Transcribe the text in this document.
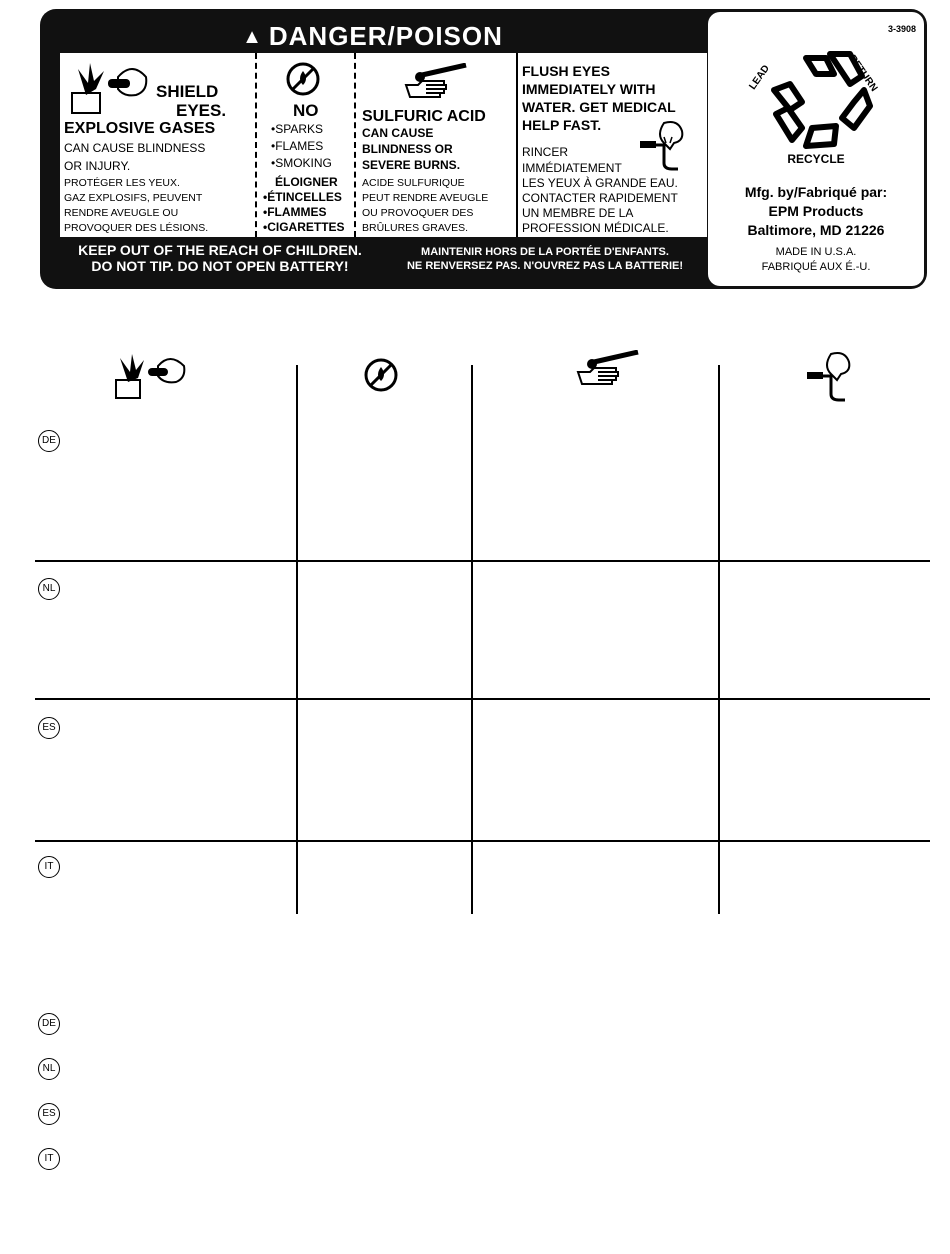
▲ DANGER/POISON
SHIELD
EYES.
EXPLOSIVE GASES
CAN CAUSE BLINDNESS
OR INJURY.
PROTÉGER LES YEUX.
GAZ EXPLOSIFS, PEUVENT
RENDRE AVEUGLE OU
PROVOQUER DES LÉSIONS.
NO
•SPARKS
•FLAMES
•SMOKING
ÉLOIGNER
•ÉTINCELLES
•FLAMMES
•CIGARETTES
SULFURIC ACID
CAN CAUSE
BLINDNESS OR
SEVERE BURNS.
ACIDE SULFURIQUE
PEUT RENDRE AVEUGLE
OU PROVOQUER DES
BRÛLURES GRAVES.
FLUSH EYES
IMMEDIATELY WITH
WATER. GET MEDICAL
HELP FAST.
RINCER
IMMÉDIATEMENT
LES YEUX À GRANDE EAU.
CONTACTER RAPIDEMENT
UN MEMBRE DE LA
PROFESSION MÉDICALE.
KEEP OUT OF THE REACH OF CHILDREN.
DO NOT TIP. DO NOT OPEN BATTERY!
MAINTENIR HORS DE LA PORTÉE D'ENFANTS.
NE RENVERSEZ PAS. N'OUVREZ PAS LA BATTERIE!
3-3908
LEAD	RETURN
RECYCLE
Mfg. by/Fabriqué par:
EPM Products
Baltimore, MD 21226
MADE IN U.S.A.
FABRIQUÉ AUX É.-U.
DE
NL
ES
IT
DE
NL
ES
IT
